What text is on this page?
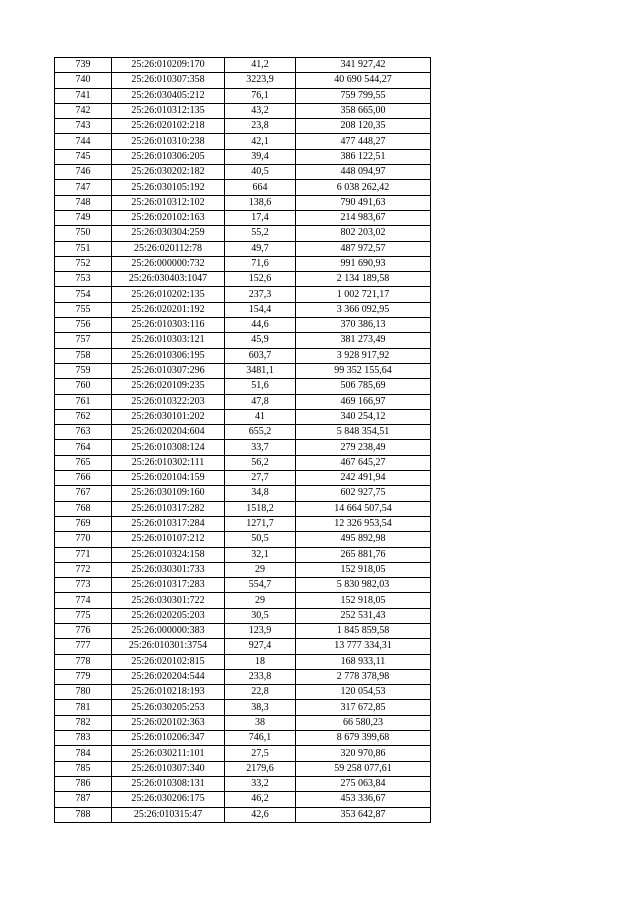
739	25:26:010209:170	41,2	341 927,42
740	25:26:010307:358	3223,9	40 690 544,27
741	25:26:030405:212	76,1	759 799,55
742	25:26:010312:135	43,2	358 665,00
743	25:26:020102:218	23,8	208 120,35
744	25:26:010310:238	42,1	477 448,27
745	25:26:010306:205	39,4	386 122,51
746	25:26:030202:182	40,5	448 094,97
747	25:26:030105:192	664	6 038 262,42
748	25:26:010312:102	138,6	790 491,63
749	25:26:020102:163	17,4	214 983,67
750	25:26:030304:259	55,2	802 203,02
751	25:26:020112:78	49,7	487 972,57
752	25:26:000000:732	71,6	991 690,93
753	25:26:030403:1047	152,6	2 134 189,58
754	25:26:010202:135	237,3	1 002 721,17
755	25:26:020201:192	154,4	3 366 092,95
756	25:26:010303:116	44,6	370 386,13
757	25:26:010303:121	45,9	381 273,49
758	25:26:010306:195	603,7	3 928 917,92
759	25:26:010307:296	3481,1	99 352 155,64
760	25:26:020109:235	51,6	506 785,69
761	25:26:010322:203	47,8	469 166,97
762	25:26:030101:202	41	340 254,12
763	25:26:020204:604	655,2	5 848 354,51
764	25:26:010308:124	33,7	279 238,49
765	25:26:010302:111	56,2	467 645,27
766	25:26:020104:159	27,7	242 491,94
767	25:26:030109:160	34,8	602 927,75
768	25:26:010317:282	1518,2	14 664 507,54
769	25:26:010317:284	1271,7	12 326 953,54
770	25:26:010107:212	50,5	495 892,98
771	25:26:010324:158	32,1	265 881,76
772	25:26:030301:733	29	152 918,05
773	25:26:010317:283	554,7	5 830 982,03
774	25:26:030301:722	29	152 918,05
775	25:26:020205:203	30,5	252 531,43
776	25:26:000000:383	123,9	1 845 859,58
777	25:26:010301:3754	927,4	13 777 334,31
778	25:26:020102:815	18	168 933,11
779	25:26:020204:544	233,8	2 778 378,98
780	25:26:010218:193	22,8	120 054,53
781	25:26:030205:253	38,3	317 672,85
782	25:26:020102:363	38	66 580,23
783	25:26:010206:347	746,1	8 679 399,68
784	25:26:030211:101	27,5	320 970,86
785	25:26:010307:340	2179,6	59 258 077,61
786	25:26:010308:131	33,2	275 063,84
787	25:26:030206:175	46,2	453 336,67
788	25:26:010315:47	42,6	353 642,87
